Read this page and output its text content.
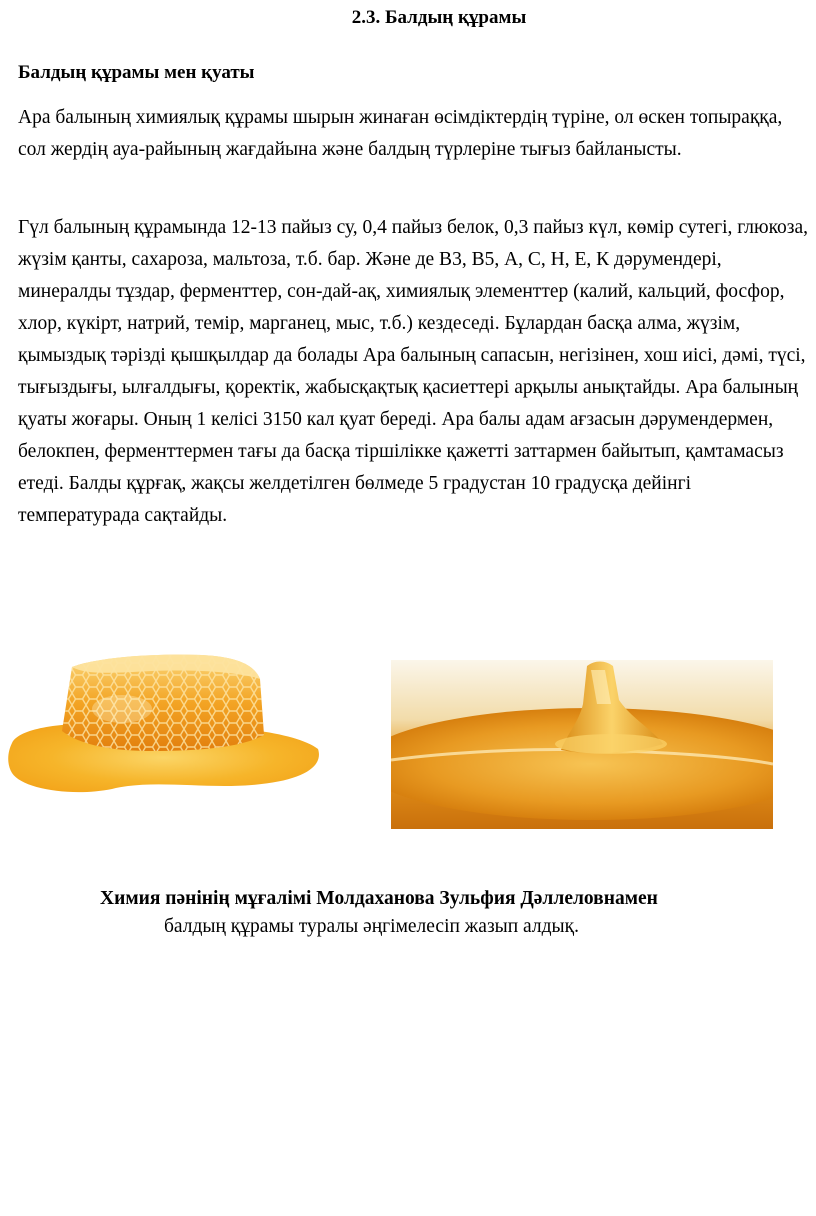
2.3. Балдың құрамы
Балдың құрамы мен қуаты

Ара балының химиялық құрамы шырын жинаған өсімдіктердің түріне, ол өскен топыраққа, сол жердің ауа-райының жағдайына және балдың түрлеріне тығыз байланысты.

Гүл балының құрамында 12-13 пайыз су, 0,4 пайыз белок, 0,3 пайыз күл, көмір сутегі, глюкоза, жүзім қанты, сахароза, мальтоза, т.б. бар. Және де В3, В5, А, С, Н, Е, К дәрумендері, минералды тұздар, ферменттер, сон-дай-ақ, химиялық элементтер (калий, кальций, фосфор, хлор, күкірт, натрий, темір, марганец, мыс, т.б.) кездеседі. Бұлардан басқа алма, жүзім, қымыздық тәрізді қышқылдар да болады Ара балының сапасын, негізінен, хош иісі, дәмі, түсі, тығыздығы, ылғалдығы, қоректік, жабысқақтық қасиеттері арқылы анықтайды. Ара балының қуаты жоғары. Оның 1 келісі 3150 кал қуат береді. Ара балы адам ағзасын дәрумендермен, белокпен, ферменттермен тағы да басқа тіршілікке қажетті заттармен байытып, қамтамасыз етеді. Балды құрғақ, жақсы желдетілген бөлмеде 5 градустан 10 градусқа дейінгі температурада сақтайды.

Химия пәнінің мұғалімі Молдаханова Зульфия Дәллеловнамен
балдың құрамы туралы әңгімелесіп жазып алдық.
